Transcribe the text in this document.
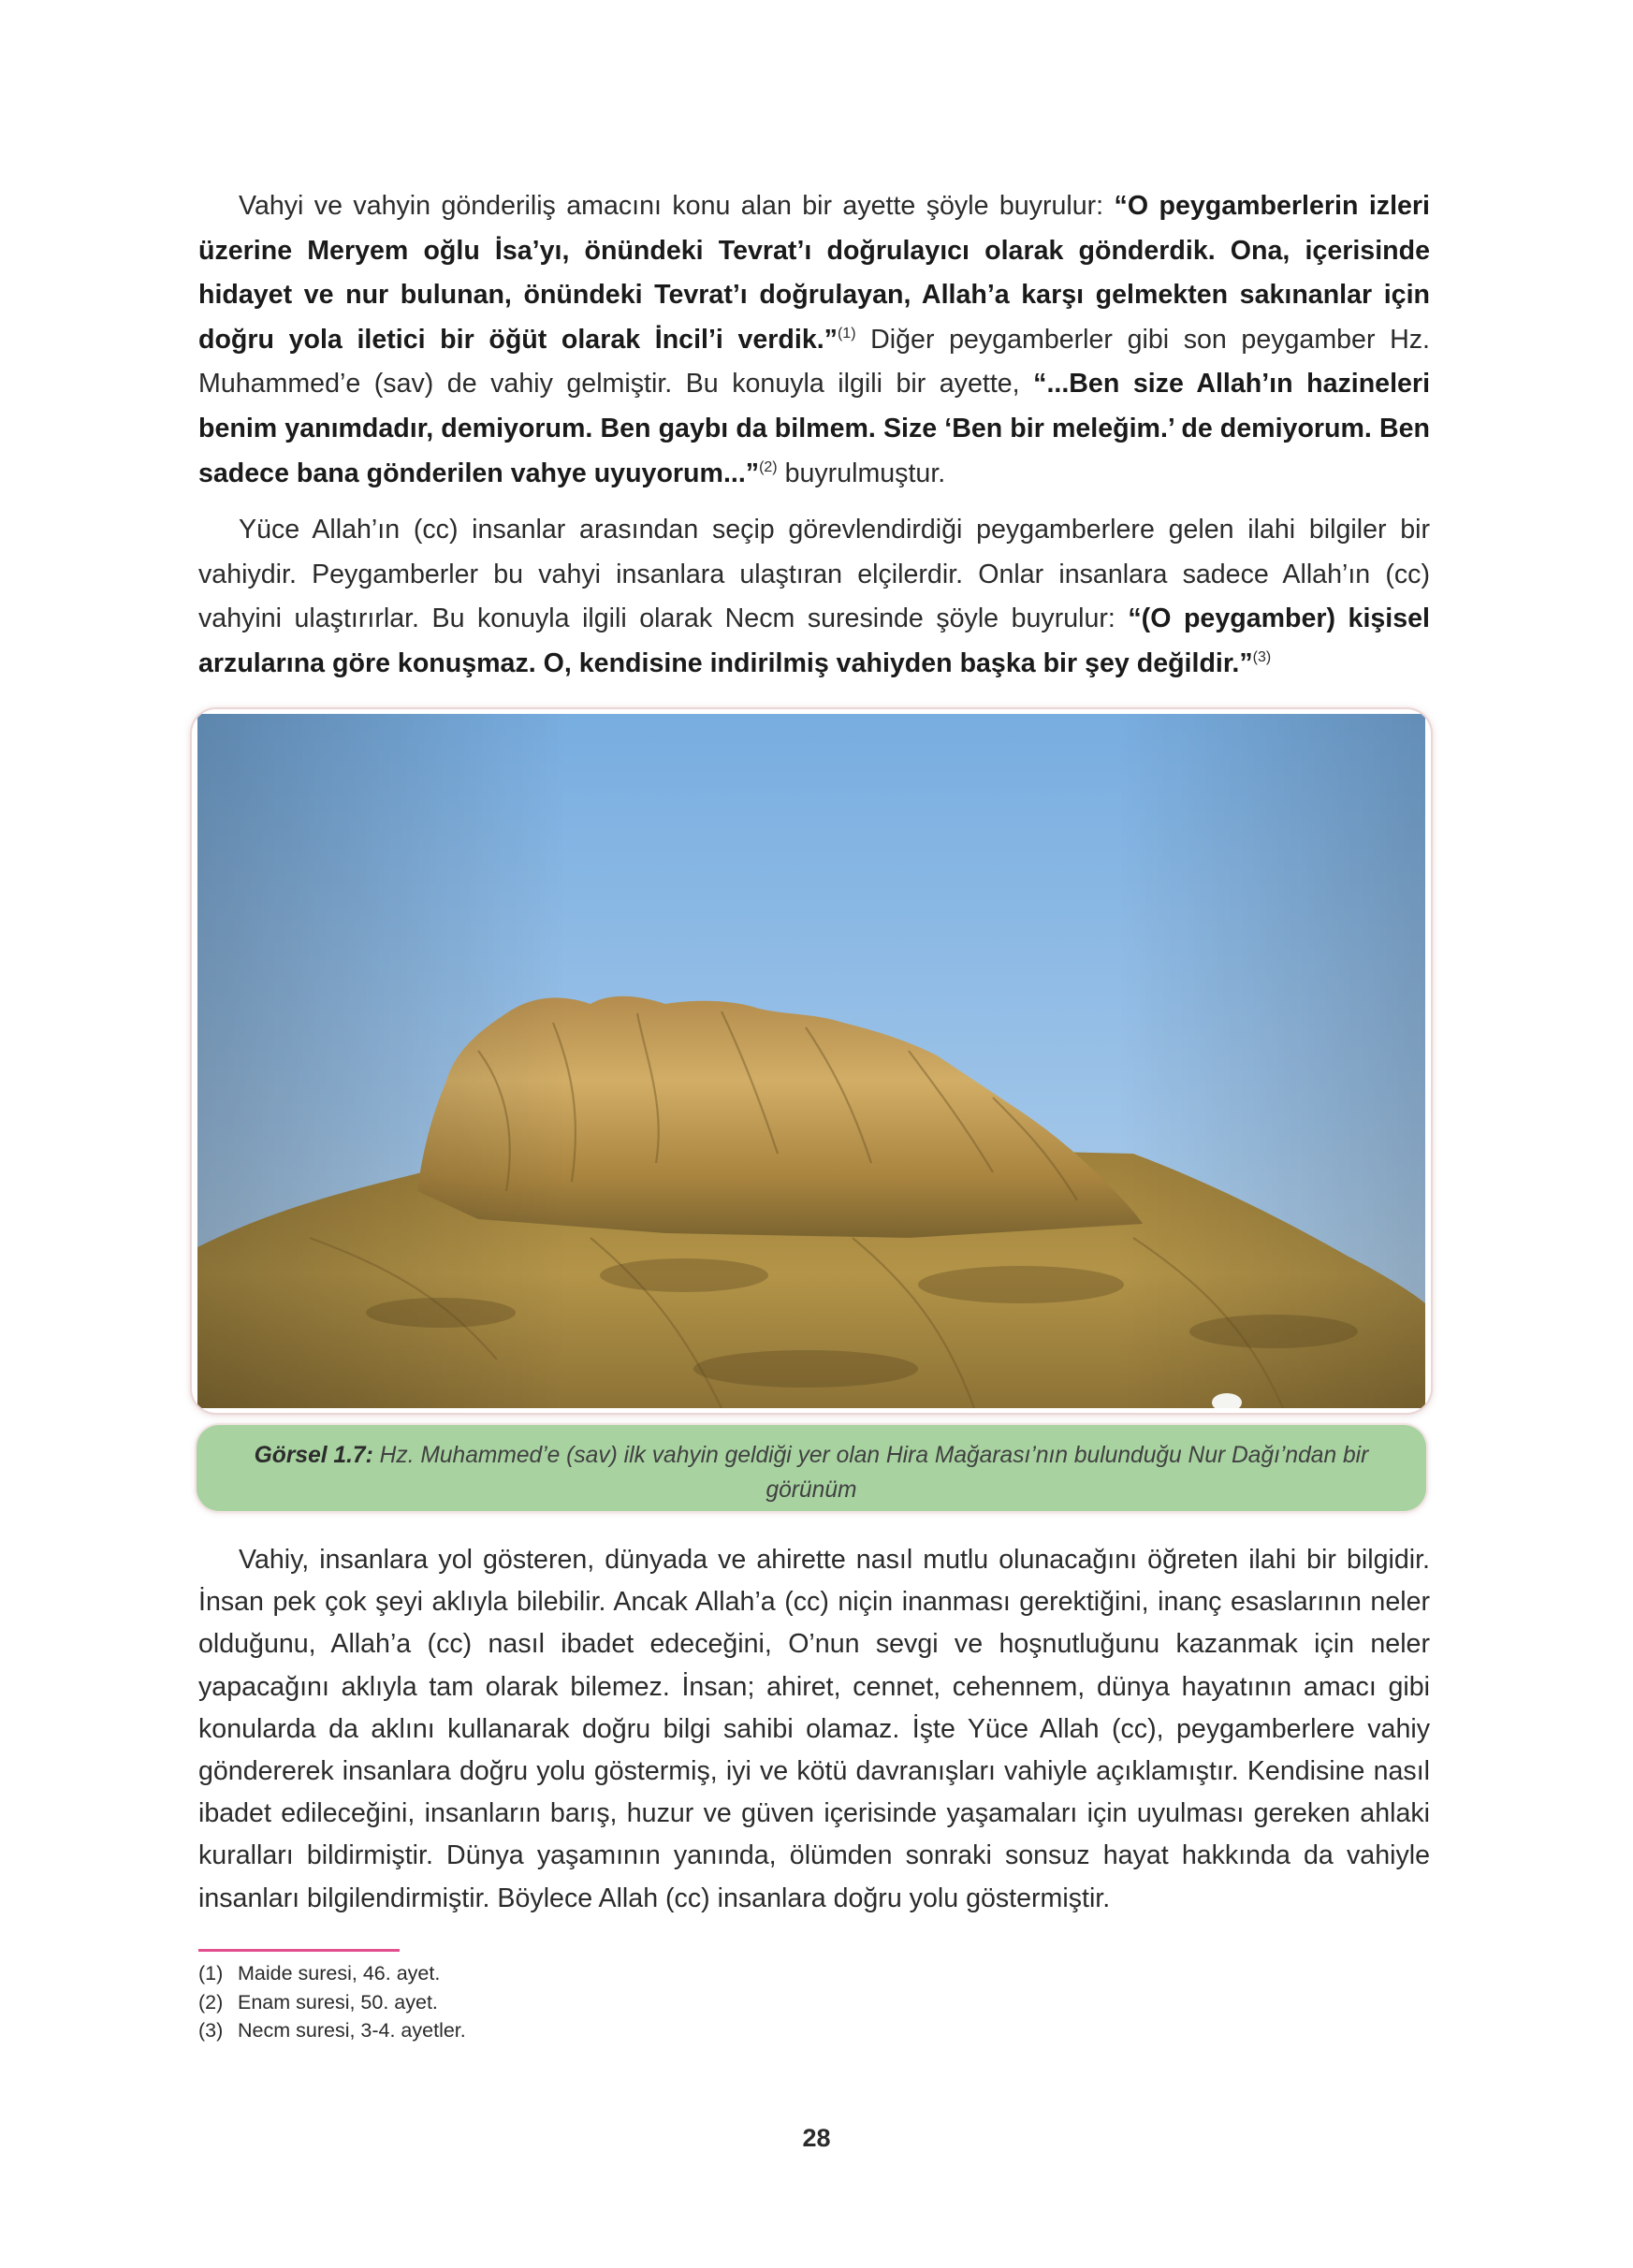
Vahyi ve vahyin gönderiliş amacını konu alan bir ayette şöyle buyrulur: “O peygamberlerin izleri üzerine Meryem oğlu İsa’yı, önündeki Tevrat’ı doğrulayıcı olarak gönderdik. Ona, içerisinde hidayet ve nur bulunan, önündeki Tevrat’ı doğrulayan, Allah’a karşı gelmekten sakınanlar için doğru yola iletici bir öğüt olarak İncil’i verdik.”$^{(1)}$ Diğer peygamberler gibi son peygamber Hz. Muhammed’e (sav) de vahiy gelmiştir. Bu konuyla ilgili bir ayette, “...Ben size Allah’ın hazineleri benim yanımdadır, demiyorum. Ben gaybı da bilmem. Size ‘Ben bir meleğim.’ de demiyorum. Ben sadece bana gönderilen vahye uyuyorum...”$^{(2)}$ buyrulmuştur.

Yüce Allah’ın (cc) insanlar arasından seçip görevlendirdiği peygamberlere gelen ilahi bilgiler bir vahiydir. Peygamberler bu vahyi insanlara ulaştıran elçilerdir. Onlar insanlara sadece Allah’ın (cc) vahyini ulaştırırlar. Bu konuyla ilgili olarak Necm suresinde şöyle buyrulur: “(O peygamber) kişisel arzularına göre konuşmaz. O, kendisine indirilmiş vahiyden başka bir şey değildir.”$^{(3)}$

Görsel 1.7: Hz. Muhammed’e (sav) ilk vahyin geldiği yer olan Hira Mağarası’nın bulunduğu Nur Dağı’ndan bir görünüm

Vahiy, insanlara yol gösteren, dünyada ve ahirette nasıl mutlu olunacağını öğreten ilahi bir bilgidir. İnsan pek çok şeyi aklıyla bilebilir. Ancak Allah’a (cc) niçin inanması gerektiğini, inanç esaslarının neler olduğunu, Allah’a (cc) nasıl ibadet edeceğini, O’nun sevgi ve hoşnutluğunu kazanmak için neler yapacağını aklıyla tam olarak bilemez. İnsan; ahiret, cennet, cehennem, dünya hayatının amacı gibi konularda da aklını kullanarak doğru bilgi sahibi olamaz. İşte Yüce Allah (cc), peygamberlere vahiy göndererek insanlara doğru yolu göstermiş, iyi ve kötü davranışları vahiyle açıklamıştır. Kendisine nasıl ibadet edileceğini, insanların barış, huzur ve güven içerisinde yaşamaları için uyulması gereken ahlaki kuralları bildirmiştir. Dünya yaşamının yanında, ölümden sonraki sonsuz hayat hakkında da vahiyle insanları bilgilendirmiştir. Böylece Allah (cc) insanlara doğru yolu göstermiştir.

(1) Maide suresi, 46. ayet.
(2) Enam suresi, 50. ayet.
(3) Necm suresi, 3-4. ayetler.
28
